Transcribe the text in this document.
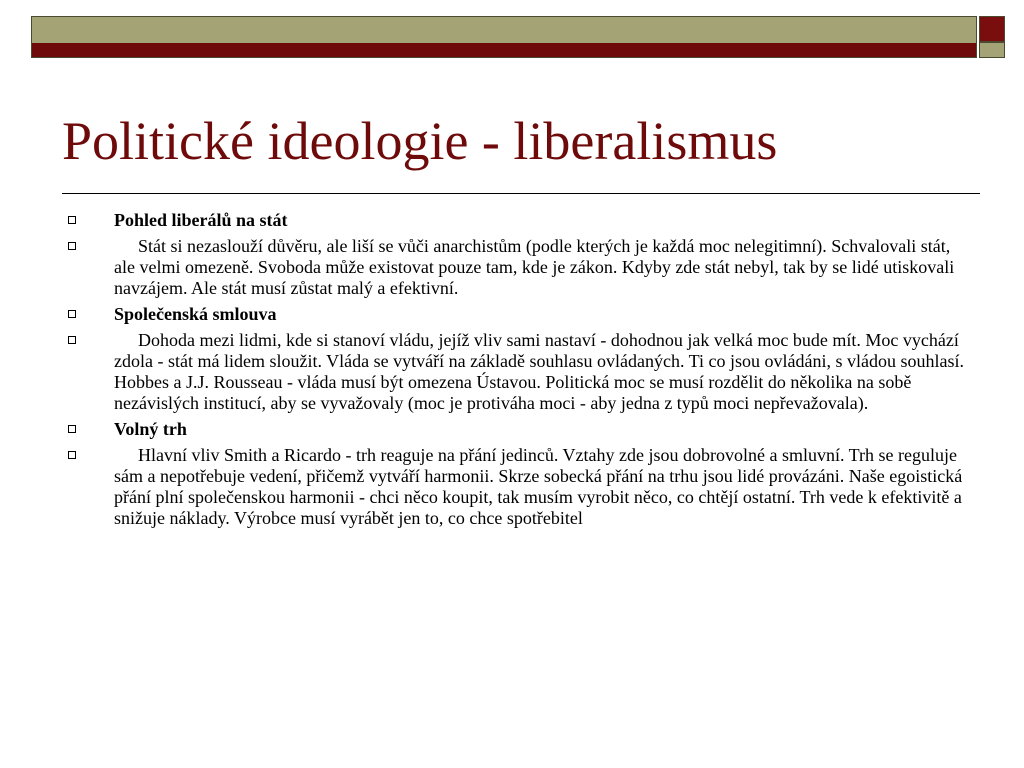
Politické ideologie - liberalismus
Pohled liberálů na stát
Stát si nezaslouží důvěru, ale liší se vůči anarchistům (podle kterých je každá moc nelegitimní). Schvalovali stát, ale velmi omezeně. Svoboda může existovat pouze tam, kde je zákon. Kdyby zde stát nebyl, tak by se lidé utiskovali navzájem. Ale stát musí zůstat malý a efektivní.
Společenská smlouva
Dohoda mezi lidmi, kde si stanoví vládu, jejíž vliv sami nastaví - dohodnou jak velká moc bude mít. Moc vychází zdola - stát má lidem sloužit. Vláda se vytváří na základě souhlasu ovládaných. Ti co jsou ovládáni, s vládou souhlasí. Hobbes a J.J. Rousseau - vláda musí být omezena Ústavou. Politická moc se musí rozdělit do několika na sobě nezávislých institucí, aby se vyvažovaly (moc je protiváha moci - aby jedna z typů moci nepřevažovala).
Volný trh
Hlavní vliv Smith a Ricardo - trh reaguje na přání jedinců. Vztahy zde jsou dobrovolné a smluvní. Trh se reguluje sám a nepotřebuje vedení, přičemž vytváří harmonii. Skrze sobecká přání na trhu jsou lidé provázáni. Naše egoistická přání plní společenskou harmonii - chci něco koupit, tak musím vyrobit něco, co chtějí ostatní. Trh vede k efektivitě a snižuje náklady. Výrobce musí vyrábět jen to, co chce spotřebitel
